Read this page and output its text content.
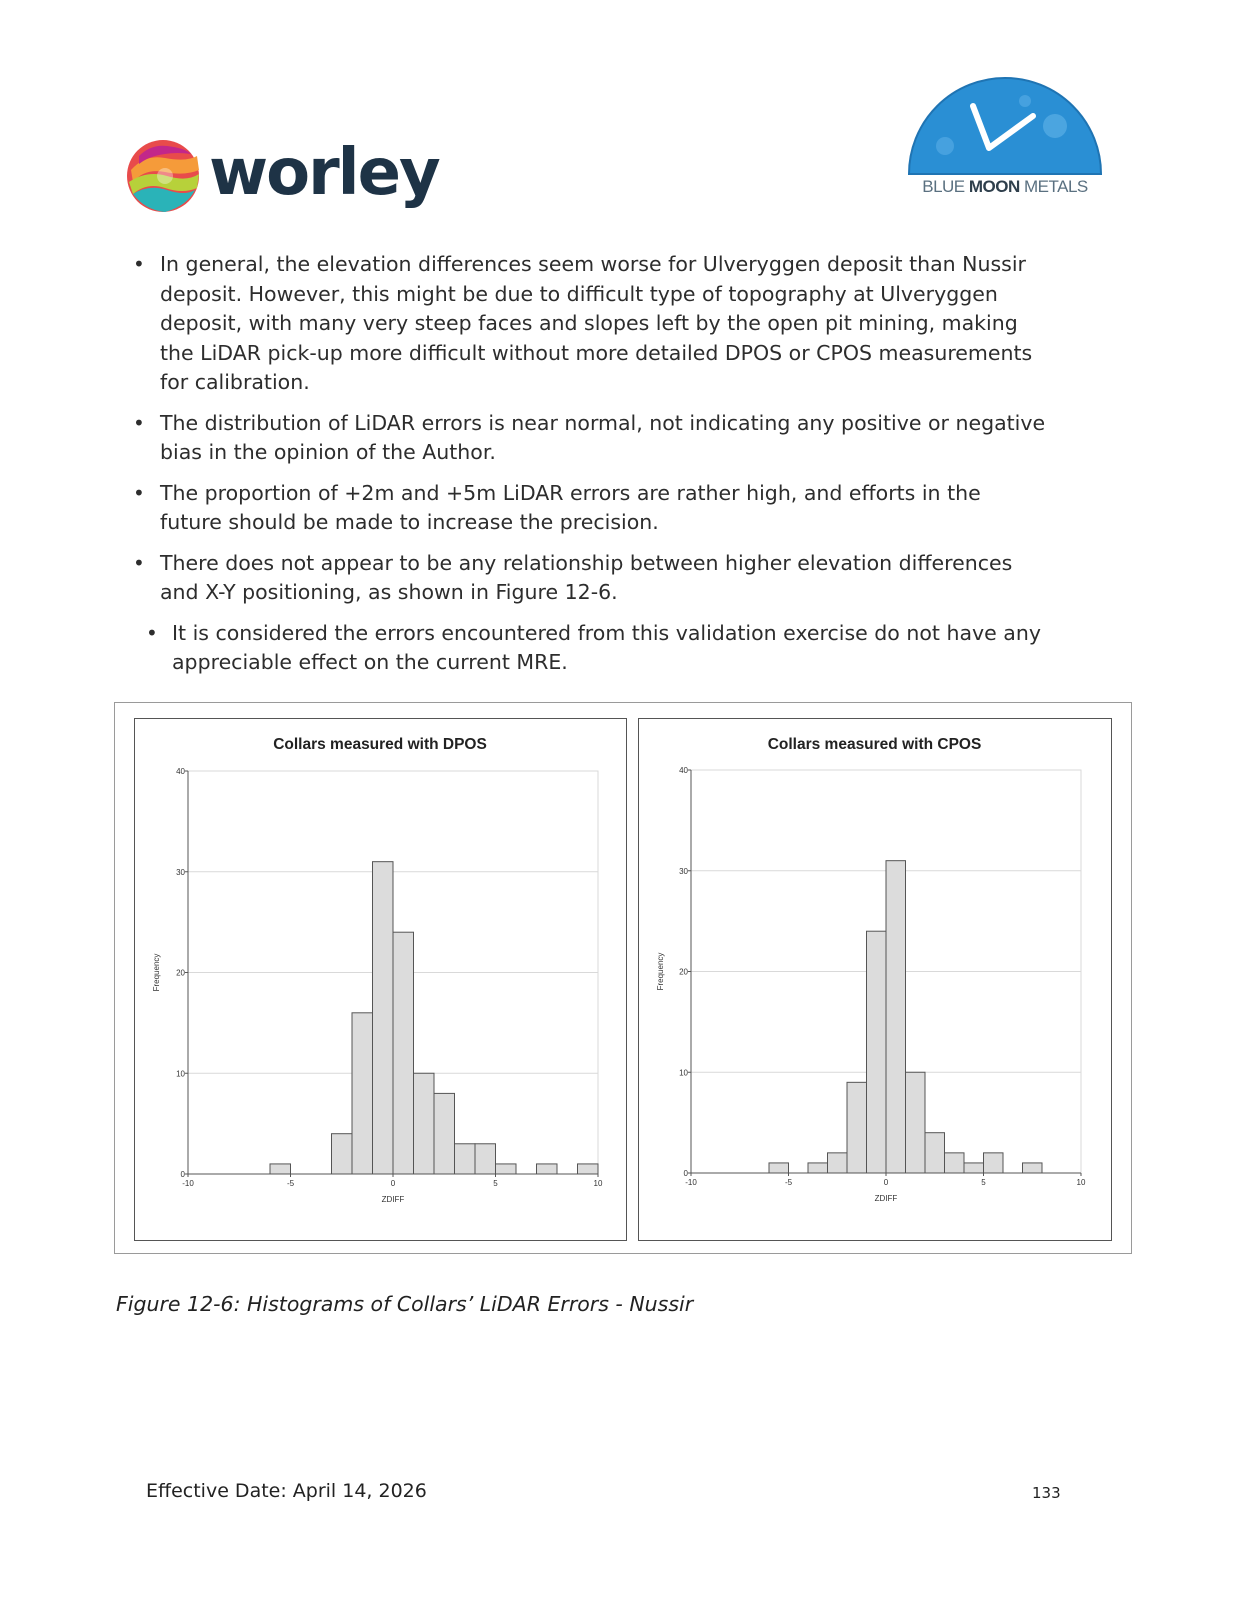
worley	BLUE MOON METALS
• In general, the elevation differences seem worse for Ulveryggen deposit than Nussir deposit. However, this might be due to difficult type of topography at Ulveryggen deposit, with many very steep faces and slopes left by the open pit mining, making the LiDAR pick-up more difficult without more detailed DPOS or CPOS measurements for calibration.
• The distribution of LiDAR errors is near normal, not indicating any positive or negative bias in the opinion of the Author.
• The proportion of +2m and +5m LiDAR errors are rather high, and efforts in the future should be made to increase the precision.
• There does not appear to be any relationship between higher elevation differences and X-Y positioning, as shown in Figure 12-6.
• It is considered the errors encountered from this validation exercise do not have any appreciable effect on the current MRE.
Collars measured with DPOS
0
10
20
30
40
-10	-5	0	5	10
ZDIFF
Frequency
Collars measured with CPOS
0
10
20
30
40
-10	-5	0	5	10
ZDIFF
Frequency
Figure 12-6: Histograms of Collars’ LiDAR Errors - Nussir
Effective Date: April 14, 2026	133
